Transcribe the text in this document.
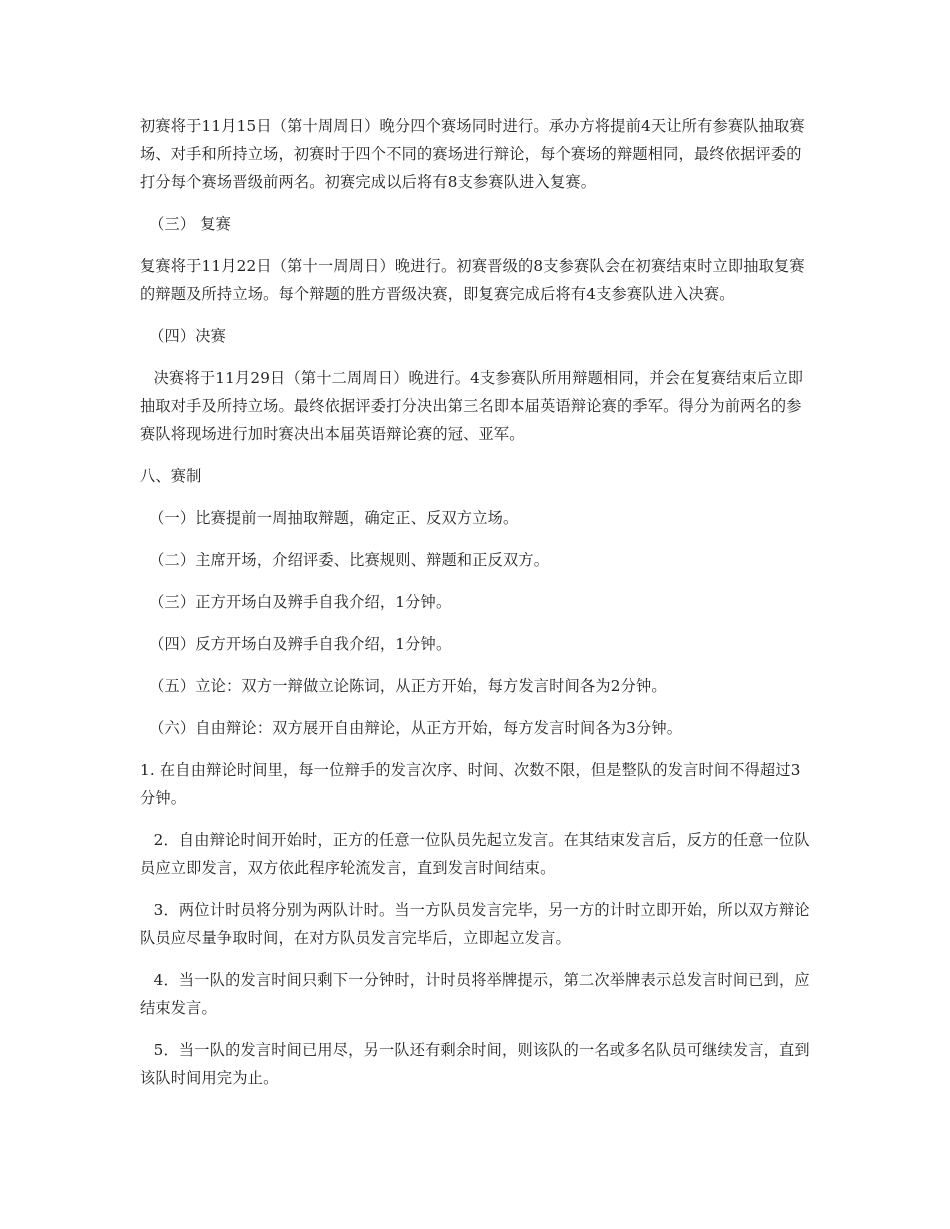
初赛将于11月15日（第十周周日）晚分四个赛场同时进行。承办方将提前4天让所有参赛队抽取赛场、对手和所持立场，初赛时于四个不同的赛场进行辩论，每个赛场的辩题相同，最终依据评委的打分每个赛场晋级前两名。初赛完成以后将有8支参赛队进入复赛。

（三） 复赛

复赛将于11月22日（第十一周周日）晚进行。初赛晋级的8支参赛队会在初赛结束时立即抽取复赛的辩题及所持立场。每个辩题的胜方晋级决赛，即复赛完成后将有4支参赛队进入决赛。

（四）决赛

决赛将于11月29日（第十二周周日）晚进行。4支参赛队所用辩题相同，并会在复赛结束后立即抽取对手及所持立场。最终依据评委打分决出第三名即本届英语辩论赛的季军。得分为前两名的参赛队将现场进行加时赛决出本届英语辩论赛的冠、亚军。

八、赛制

（一）比赛提前一周抽取辩题，确定正、反双方立场。

（二）主席开场，介绍评委、比赛规则、辩题和正反双方。

（三）正方开场白及辨手自我介绍，1分钟。

（四）反方开场白及辨手自我介绍，1分钟。

（五）立论：双方一辩做立论陈词，从正方开始，每方发言时间各为2分钟。

（六）自由辩论：双方展开自由辩论，从正方开始，每方发言时间各为3分钟。

1. 在自由辩论时间里，每一位辩手的发言次序、时间、次数不限，但是整队的发言时间不得超过3分钟。

2．自由辩论时间开始时，正方的任意一位队员先起立发言。在其结束发言后，反方的任意一位队员应立即发言，双方依此程序轮流发言，直到发言时间结束。

3．两位计时员将分别为两队计时。当一方队员发言完毕，另一方的计时立即开始，所以双方辩论队员应尽量争取时间，在对方队员发言完毕后，立即起立发言。

4．当一队的发言时间只剩下一分钟时，计时员将举牌提示，第二次举牌表示总发言时间已到，应结束发言。

5．当一队的发言时间已用尽，另一队还有剩余时间，则该队的一名或多名队员可继续发言，直到该队时间用完为止。
